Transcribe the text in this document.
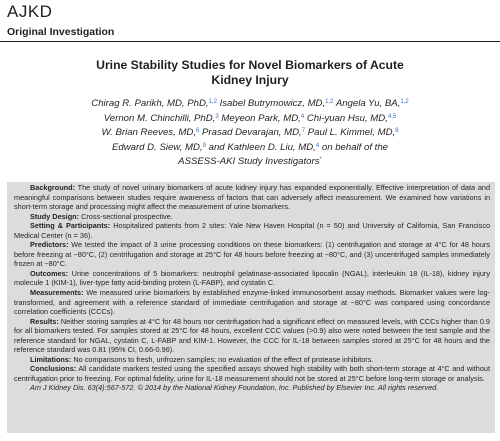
AJKD
Original Investigation
Urine Stability Studies for Novel Biomarkers of Acute
Kidney Injury
Chirag R. Parikh, MD, PhD,$^{1,2}$ Isabel Butrymowicz, MD,$^{1,2}$ Angela Yu, BA,$^{1,2}$
Vernon M. Chinchilli, PhD,$^3$ Meyeon Park, MD,$^4$ Chi-yuan Hsu, MD,$^{4,5}$
W. Brian Reeves, MD,$^6$ Prasad Devarajan, MD,$^7$ Paul L. Kimmel, MD,$^8$
Edward D. Siew, MD,$^9$ and Kathleen D. Liu, MD,$^4$ on behalf of the
ASSESS-AKI Study Investigators*

Background: The study of novel urinary biomarkers of acute kidney injury has expanded exponentially. Effective interpretation of data and meaningful comparisons between studies require awareness of factors that can adversely affect measurement. We examined how variations in short-term storage and processing might affect the measurement of urine biomarkers.

Study Design: Cross-sectional prospective.

Setting & Participants: Hospitalized patients from 2 sites: Yale New Haven Hospital (n = 50) and University of California, San Francisco Medical Center (n = 36).

Predictors: We tested the impact of 3 urine processing conditions on these biomarkers: (1) centrifugation and storage at 4°C for 48 hours before freezing at −80°C, (2) centrifugation and storage at 25°C for 48 hours before freezing at −80°C, and (3) uncentrifuged samples immediately frozen at −80°C.

Outcomes: Urine concentrations of 5 biomarkers: neutrophil gelatinase-associated lipocalin (NGAL), interleukin 18 (IL-18), kidney injury molecule 1 (KIM-1), liver-type fatty acid-binding protein (L-FABP), and cystatin C.

Measurements: We measured urine biomarkers by established enzyme-linked immunosorbent assay methods. Biomarker values were log-transformed, and agreement with a reference standard of immediate centrifugation and storage at −80°C was compared using concordance correlation coefficients (CCCs).

Results: Neither storing samples at 4°C for 48 hours nor centrifugation had a significant effect on measured levels, with CCCs higher than 0.9 for all biomarkers tested. For samples stored at 25°C for 48 hours, excellent CCC values (>0.9) also were noted between the test sample and the reference standard for NGAL, cystatin C, L-FABP and KIM-1. However, the CCC for IL-18 between samples stored at 25°C for 48 hours and the reference standard was 0.81 (95% CI, 0.66-0.96).

Limitations: No comparisons to fresh, unfrozen samples; no evaluation of the effect of protease inhibitors.

Conclusions: All candidate markers tested using the specified assays showed high stability with both short-term storage at 4°C and without centrifugation prior to freezing. For optimal fidelity, urine for IL-18 measurement should not be stored at 25°C before long-term storage or analysis.

Am J Kidney Dis. 63(4):567-572. © 2014 by the National Kidney Foundation, Inc. Published by Elsevier Inc. All rights reserved.
